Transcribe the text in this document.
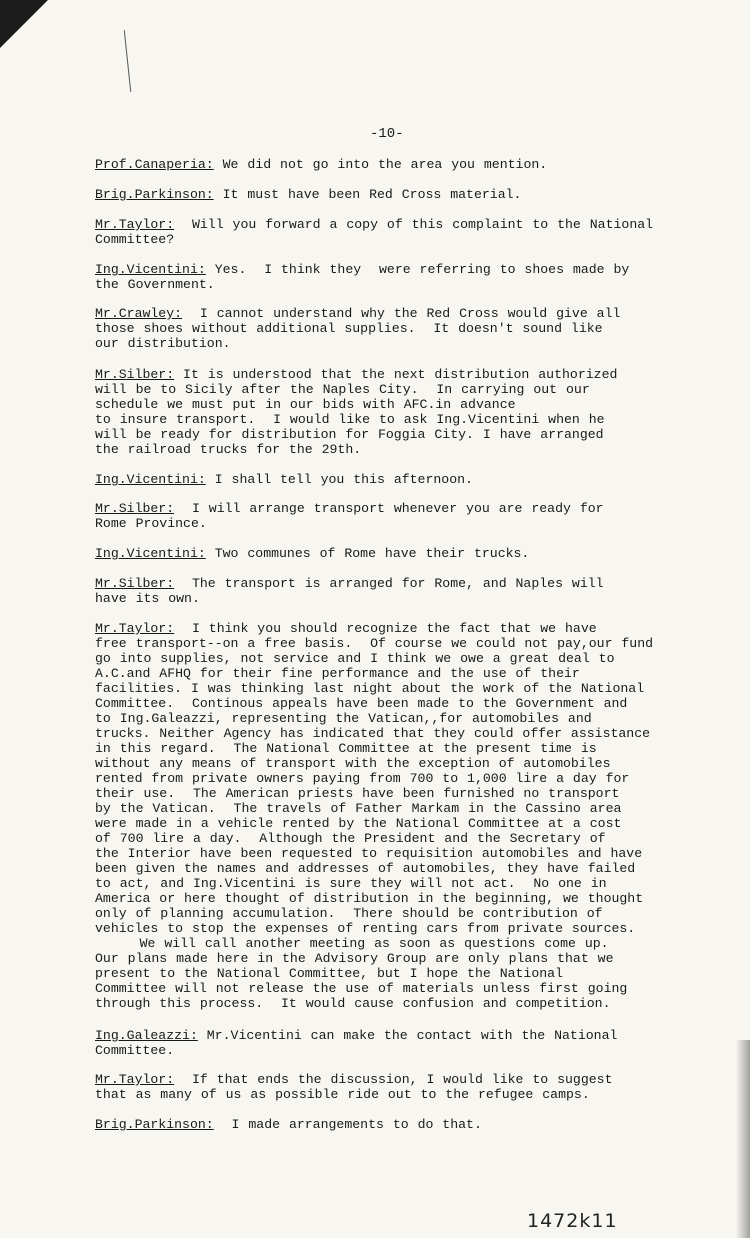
-10-
Prof.Canaperia: We did not go into the area you mention.
Brig.Parkinson: It must have been Red Cross material.
Mr.Taylor:  Will you forward a copy of this complaint to the National
Committee?
Ing.Vicentini: Yes.  I think they  were referring to shoes made by
the Government.
Mr.Crawley:  I cannot understand why the Red Cross would give all
those shoes without additional supplies.  It doesn't sound like
our distribution.
Mr.Silber: It is understood that the next distribution authorized
will be to Sicily after the Naples City.  In carrying out our
schedule we must put in our bids with AFC.in advance
to insure transport.  I would like to ask Ing.Vicentini when he
will be ready for distribution for Foggia City. I have arranged
the railroad trucks for the 29th.
Ing.Vicentini: I shall tell you this afternoon.
Mr.Silber:  I will arrange transport whenever you are ready for
Rome Province.
Ing.Vicentini: Two communes of Rome have their trucks.
Mr.Silber:  The transport is arranged for Rome, and Naples will
have its own.
Mr.Taylor:  I think you should recognize the fact that we have
free transport--on a free basis.  Of course we could not pay,our fund
go into supplies, not service and I think we owe a great deal to
A.C.and AFHQ for their fine performance and the use of their
facilities. I was thinking last night about the work of the National
Committee.  Continous appeals have been made to the Government and
to Ing.Galeazzi, representing the Vatican,,for automobiles and
trucks. Neither Agency has indicated that they could offer assistance
in this regard.  The National Committee at the present time is
without any means of transport with the exception of automobiles
rented from private owners paying from 700 to 1,000 lire a day for
their use.  The American priests have been furnished no transport
by the Vatican.  The travels of Father Markam in the Cassino area
were made in a vehicle rented by the National Committee at a cost
of 700 lire a day.  Although the President and the Secretary of
the Interior have been requested to requisition automobiles and have
been given the names and addresses of automobiles, they have failed
to act, and Ing.Vicentini is sure they will not act.  No one in
America or here thought of distribution in the beginning, we thought
only of planning accumulation.  There should be contribution of
vehicles to stop the expenses of renting cars from private sources.
We will call another meeting as soon as questions come up.
Our plans made here in the Advisory Group are only plans that we
present to the National Committee, but I hope the National
Committee will not release the use of materials unless first going
through this process.  It would cause confusion and competition.
Ing.Galeazzi: Mr.Vicentini can make the contact with the National
Committee.
Mr.Taylor:  If that ends the discussion, I would like to suggest
that as many of us as possible ride out to the refugee camps.
Brig.Parkinson:  I made arrangements to do that.
1472k11
